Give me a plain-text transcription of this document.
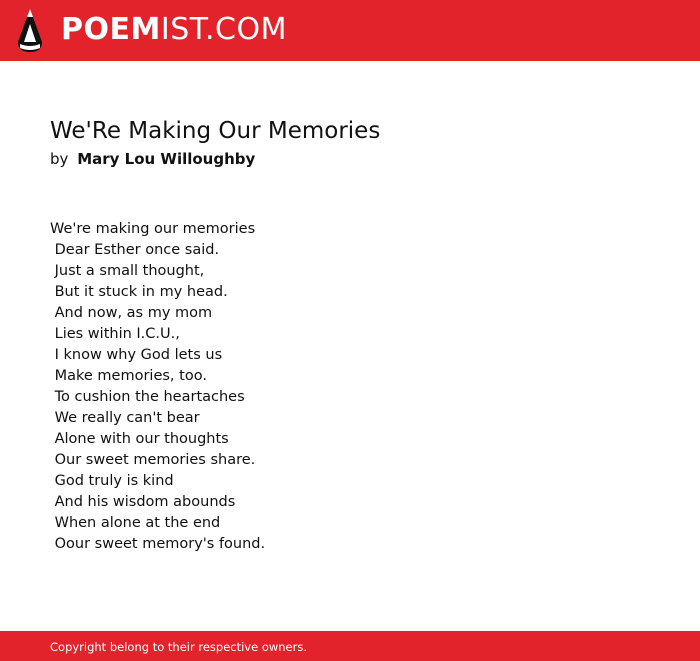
POEMIST.COM
We'Re Making Our Memories
by Mary Lou Willoughby
We're making our memories
Dear Esther once said.
Just a small thought,
But it stuck in my head.
And now, as my mom
Lies within I.C.U.,
I know why God lets us
Make memories, too.
To cushion the heartaches
We really can't bear
Alone with our thoughts
Our sweet memories share.
God truly is kind
And his wisdom abounds
When alone at the end
Oour sweet memory's found.
Copyright belong to their respective owners.
